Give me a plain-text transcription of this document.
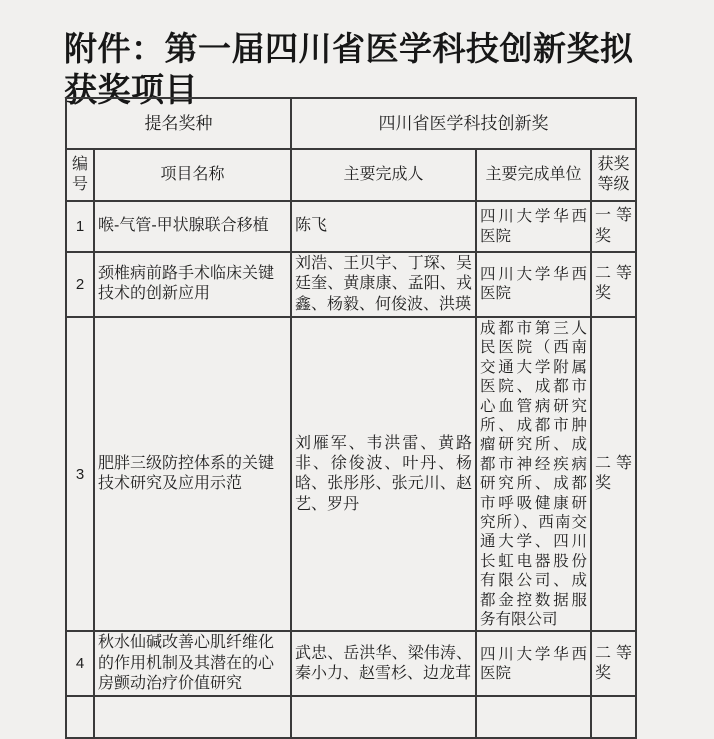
附件：第一届四川省医学科技创新奖拟
获奖项目
提名奖种		四川省医学科技创新奖		
编号	项目名称	主要完成人	主要完成单位	获奖等级
1	喉-气管-甲状腺联合移植	陈飞	四川大学华西医院	一等奖
2	颈椎病前路手术临床关键技术的创新应用	刘浩、王贝宇、丁琛、吴廷奎、黄康康、孟阳、戎鑫、杨毅、何俊波、洪瑛	四川大学华西医院	二等奖
3	肥胖三级防控体系的关键技术研究及应用示范	刘雁军、韦洪雷、黄路非、徐俊波、叶丹、杨晗、张彤彤、张元川、赵艺、罗丹	成都市第三人民医院（西南交通大学附属医院、成都市心血管病研究所、成都市肿瘤研究所、成都市神经疾病研究所、成都市呼吸健康研究所）、西南交通大学、四川长虹电器股份有限公司、成都金控数据服务有限公司	二等奖
4	秋水仙碱改善心肌纤维化的作用机制及其潜在的心房颤动治疗价值研究	武忠、岳洪华、梁伟涛、秦小力、赵雪杉、边龙茸	四川大学华西医院	二等奖
